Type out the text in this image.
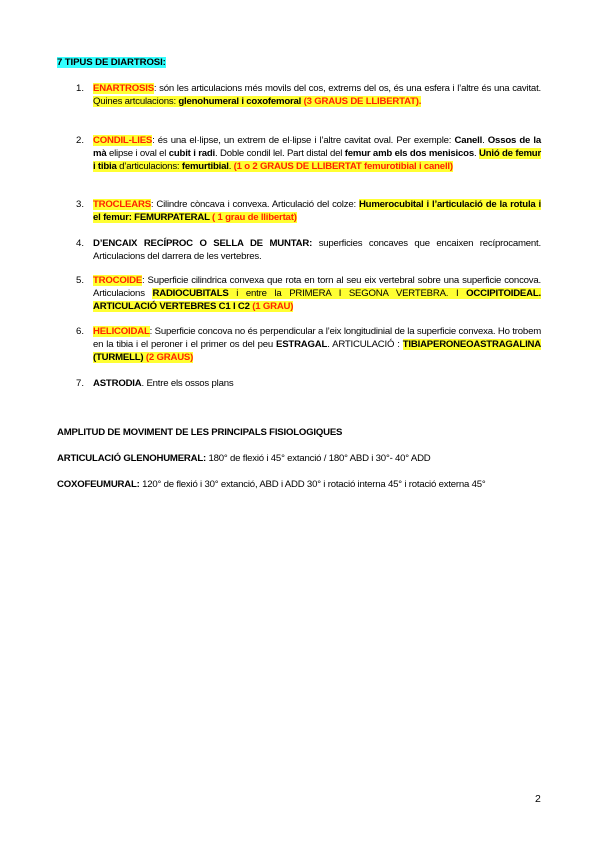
7 TIPUS DE DIARTROSI:
1. ENARTROSIS: són les articulacions més movils del cos, extrems del os, és una esfera i l’altre és una cavitat. Quines artculacions: glenohumeral i coxofemoral (3 GRAUS DE LLIBERTAT).
2. CONDIL-LIES: és una el·lipse, un extrem de el·lipse i l’altre cavitat oval. Per exemple: Canell. Ossos de la mà elipse i oval el cubit i radi. Doble condil lel. Part distal del femur amb els dos menisicos. Unió de femur i tibia d’articulacions: femurtibial. (1 o 2 GRAUS DE LLIBERTAT femurotibial i canell)
3. TROCLEARS: Cilindre còncava i convexa. Articulació del colze: Humerocubital i l’articulació de la rotula i el femur: FEMURPATERAL ( 1 grau de llibertat)
4. D’ENCAIX RECÍPROC O SELLA DE MUNTAR: superficies concaves que encaixen recíprocament. Articulacions del darrera de les vertebres.
5. TROCOIDE: Superficie cilindrica convexa que rota en torn al seu eix vertebral sobre una superficie concova. Articulacions RADIOCUBITALS i entre la PRIMERA I SEGONA VERTEBRA. I OCCIPITOIDEAL. ARTICULACIÓ VERTEBRES C1 I C2 (1 GRAU)
6. HELICOIDAL: Superficie concova no és perpendicular a l’eix longitudinial de la superficie convexa. Ho trobem en la tibia i el peroner i el primer os del peu ESTRAGAL. ARTICULACIÓ : TIBIAPERONEOASTRAGALINA (TURMELL) (2 GRAUS)
7. ASTRODIA. Entre els ossos plans
AMPLITUD DE MOVIMENT DE LES PRINCIPALS FISIOLOGIQUES
ARTICULACIÓ GLENOHUMERAL: 180° de flexió i 45° extanció / 180° ABD i 30°- 40° ADD
COXOFEUMURAL: 120° de flexió i 30° extanció, ABD i ADD 30° i rotació interna 45° i rotació externa 45°
2
